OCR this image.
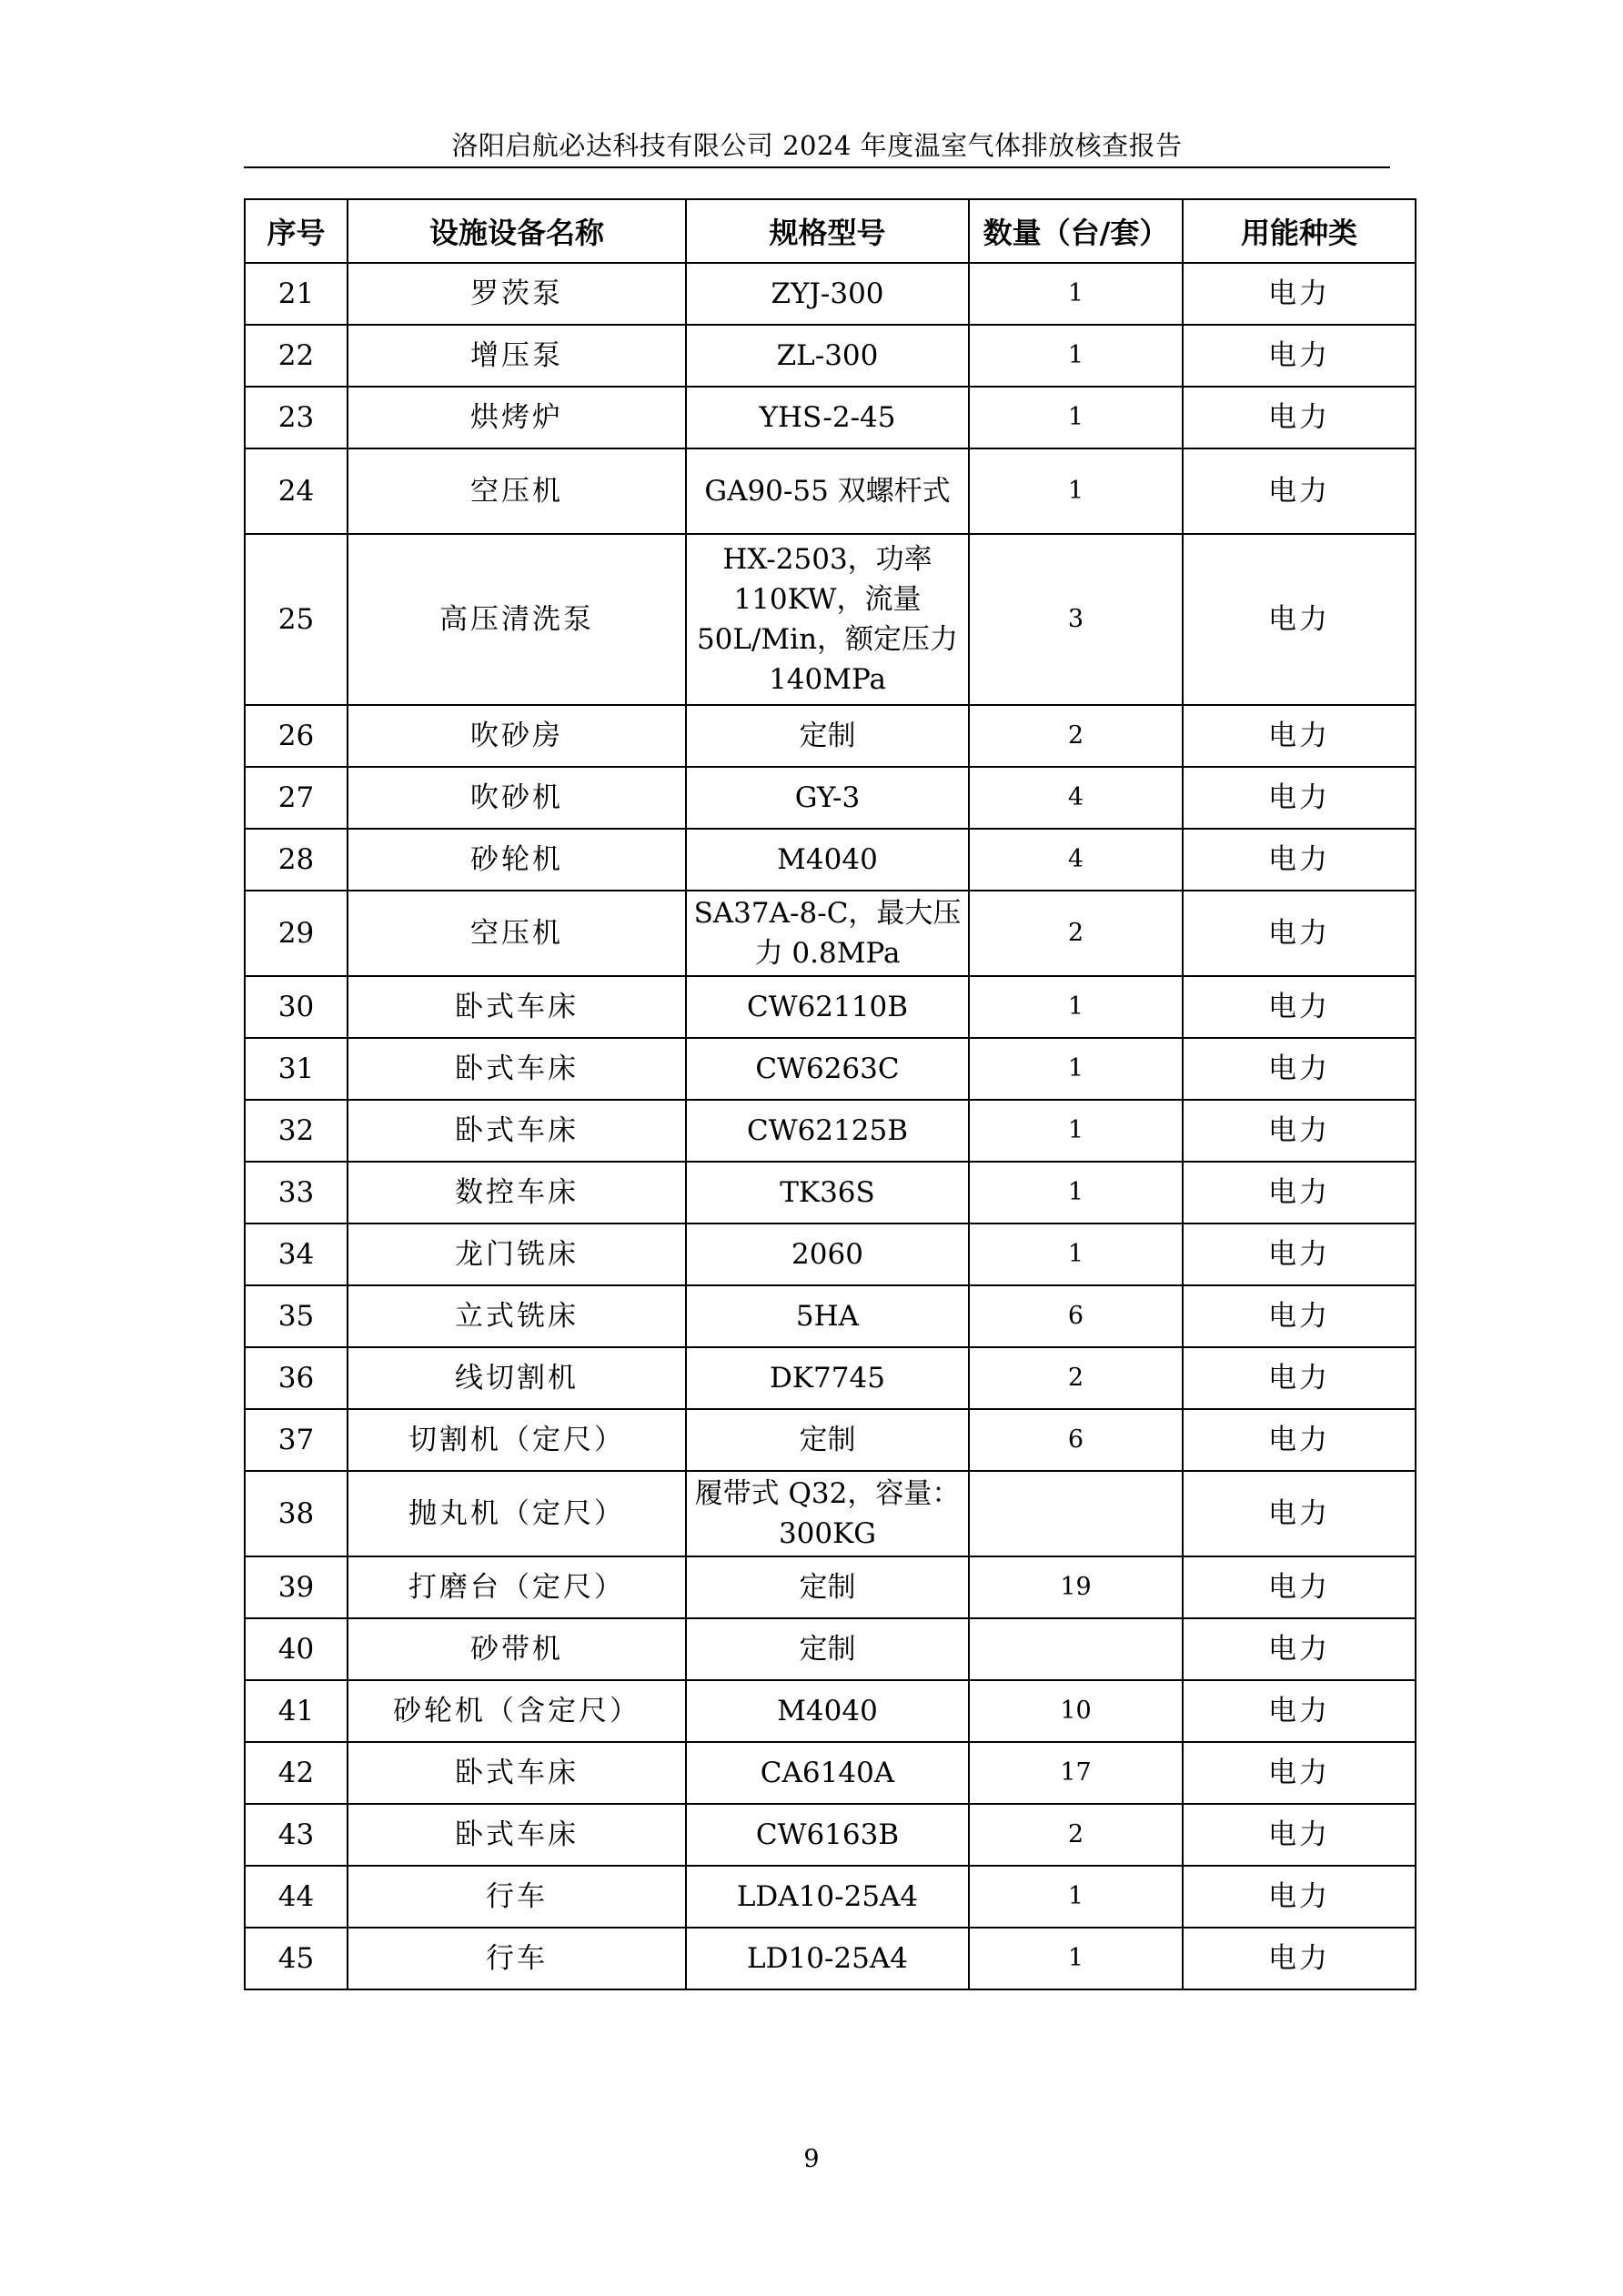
洛阳启航必达科技有限公司 2024 年度温室气体排放核查报告
序号	设施设备名称	规格型号	数量（台/套）	用能种类
21	罗茨泵	ZYJ-300	1	电力
22	增压泵	ZL-300	1	电力
23	烘烤炉	YHS-2-45	1	电力
24	空压机	GA90-55 双螺杆式	1	电力
25	高压清洗泵	HX-2503，功率 110KW，流量 50L/Min，额定压力 140MPa	3	电力
26	吹砂房	定制	2	电力
27	吹砂机	GY-3	4	电力
28	砂轮机	M4040	4	电力
29	空压机	SA37A-8-C，最大压力 0.8MPa	2	电力
30	卧式车床	CW62110B	1	电力
31	卧式车床	CW6263C	1	电力
32	卧式车床	CW62125B	1	电力
33	数控车床	TK36S	1	电力
34	龙门铣床	2060	1	电力
35	立式铣床	5HA	6	电力
36	线切割机	DK7745	2	电力
37	切割机（定尺）	定制	6	电力
38	抛丸机（定尺）	履带式 Q32，容量：300KG		电力
39	打磨台（定尺）	定制	19	电力
40	砂带机	定制		电力
41	砂轮机（含定尺）	M4040	10	电力
42	卧式车床	CA6140A	17	电力
43	卧式车床	CW6163B	2	电力
44	行车	LDA10-25A4	1	电力
45	行车	LD10-25A4	1	电力
9
